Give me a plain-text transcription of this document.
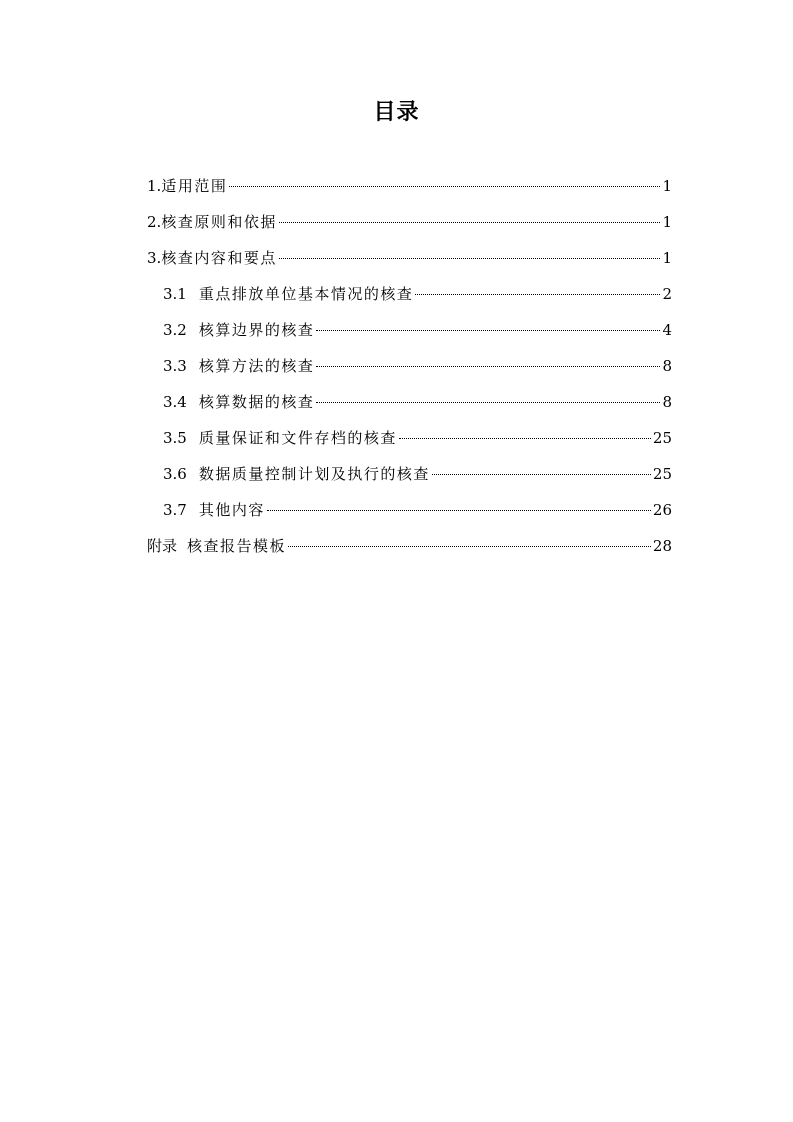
目录
1. 适用范围	1
2. 核查原则和依据	1
3. 核查内容和要点	1
3.1 重点排放单位基本情况的核查	2
3.2 核算边界的核查	4
3.3 核算方法的核查	8
3.4 核算数据的核查	8
3.5 质量保证和文件存档的核查	25
3.6 数据质量控制计划及执行的核查	25
3.7 其他内容	26
附录 核查报告模板	28
